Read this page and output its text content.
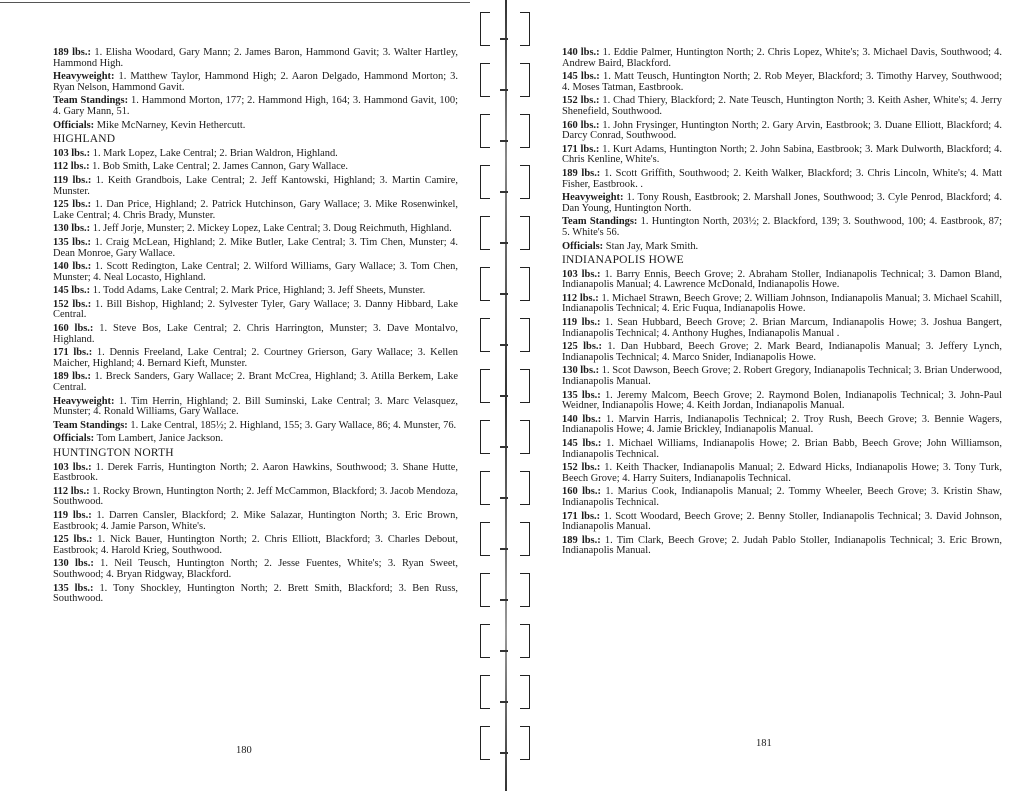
189 lbs.: 1. Elisha Woodard, Gary Mann; 2. James Baron, Hammond Gavit; 3. Walter Hartley, Hammond High.
Heavyweight: 1. Matthew Taylor, Hammond High; 2. Aaron Delgado, Hammond Morton; 3. Ryan Nelson, Hammond Gavit.
Team Standings: 1. Hammond Morton, 177; 2. Hammond High, 164; 3. Hammond Gavit, 100; 4. Gary Mann, 51.
Officials: Mike McNarney, Kevin Hethercutt.
HIGHLAND
103 lbs.: 1. Mark Lopez, Lake Central; 2. Brian Waldron, Highland.
112 lbs.: 1. Bob Smith, Lake Central; 2. James Cannon, Gary Wallace.
119 lbs.: 1. Keith Grandbois, Lake Central; 2. Jeff Kantowski, Highland; 3. Martin Camire, Munster.
125 lbs.: 1. Dan Price, Highland; 2. Patrick Hutchinson, Gary Wallace; 3. Mike Rosenwinkel, Lake Central; 4. Chris Brady, Munster.
130 lbs.: 1. Jeff Jorje, Munster; 2. Mickey Lopez, Lake Central; 3. Doug Reichmuth, Highland.
135 lbs.: 1. Craig McLean, Highland; 2. Mike Butler, Lake Central; 3. Tim Chen, Munster; 4. Dean Monroe, Gary Wallace.
140 lbs.: 1. Scott Redington, Lake Central; 2. Wilford Williams, Gary Wallace; 3. Tom Chen, Munster; 4. Neal Locasto, Highland.
145 lbs.: 1. Todd Adams, Lake Central; 2. Mark Price, Highland; 3. Jeff Sheets, Munster.
152 lbs.: 1. Bill Bishop, Highland; 2. Sylvester Tyler, Gary Wallace; 3. Danny Hibbard, Lake Central.
160 lbs.: 1. Steve Bos, Lake Central; 2. Chris Harrington, Munster; 3. Dave Montalvo, Highland.
171 lbs.: 1. Dennis Freeland, Lake Central; 2. Courtney Grierson, Gary Wallace; 3. Kellen Maicher, Highland; 4. Bernard Kieft, Munster.
189 lbs.: 1. Breck Sanders, Gary Wallace; 2. Brant McCrea, Highland; 3. Atilla Berkem, Lake Central.
Heavyweight: 1. Tim Herrin, Highland; 2. Bill Suminski, Lake Central; 3. Marc Velasquez, Munster; 4. Ronald Williams, Gary Wallace.
Team Standings: 1. Lake Central, 185½; 2. Highland, 155; 3. Gary Wallace, 86; 4. Munster, 76.
Officials: Tom Lambert, Janice Jackson.
HUNTINGTON NORTH
103 lbs.: 1. Derek Farris, Huntington North; 2. Aaron Hawkins, Southwood; 3. Shane Hutte, Eastbrook.
112 lbs.: 1. Rocky Brown, Huntington North; 2. Jeff McCammon, Blackford; 3. Jacob Mendoza, Southwood.
119 lbs.: 1. Darren Cansler, Blackford; 2. Mike Salazar, Huntington North; 3. Eric Brown, Eastbrook; 4. Jamie Parson, White's.
125 lbs.: 1. Nick Bauer, Huntington North; 2. Chris Elliott, Blackford; 3. Charles Debout, Eastbrook; 4. Harold Krieg, Southwood.
130 lbs.: 1. Neil Teusch, Huntington North; 2. Jesse Fuentes, White's; 3. Ryan Sweet, Southwood; 4. Bryan Ridgway, Blackford.
135 lbs.: 1. Tony Shockley, Huntington North; 2. Brett Smith, Blackford; 3. Ben Russ, Southwood.
180
140 lbs.: 1. Eddie Palmer, Huntington North; 2. Chris Lopez, White's; 3. Michael Davis, Southwood; 4. Andrew Baird, Blackford.
145 lbs.: 1. Matt Teusch, Huntington North; 2. Rob Meyer, Blackford; 3. Timothy Harvey, Southwood; 4. Moses Tatman, Eastbrook.
152 lbs.: 1. Chad Thiery, Blackford; 2. Nate Teusch, Huntington North; 3. Keith Asher, White's; 4. Jerry Shenefield, Southwood.
160 lbs.: 1. John Frysinger, Huntington North; 2. Gary Arvin, Eastbrook; 3. Duane Elliott, Blackford; 4. Darcy Conrad, Southwood.
171 lbs.: 1. Kurt Adams, Huntington North; 2. John Sabina, Eastbrook; 3. Mark Dulworth, Blackford; 4. Chris Kenline, White's.
189 lbs.: 1. Scott Griffith, Southwood; 2. Keith Walker, Blackford; 3. Chris Lincoln, White's; 4. Matt Fisher, Eastbrook. .
Heavyweight: 1. Tony Roush, Eastbrook; 2. Marshall Jones, Southwood; 3. Cyle Penrod, Blackford; 4. Dan Young, Huntington North.
Team Standings: 1. Huntington North, 203½; 2. Blackford, 139; 3. Southwood, 100; 4. Eastbrook, 87; 5. White's 56.
Officials: Stan Jay, Mark Smith.
INDIANAPOLIS HOWE
103 lbs.: 1. Barry Ennis, Beech Grove; 2. Abraham Stoller, Indianapolis Technical; 3. Damon Bland, Indianapolis Manual; 4. Lawrence McDonald, Indianapolis Howe.
112 lbs.: 1. Michael Strawn, Beech Grove; 2. William Johnson, Indianapolis Manual; 3. Michael Scahill, Indianapolis Technical; 4. Eric Fuqua, Indianapolis Howe.
119 lbs.: 1. Sean Hubbard, Beech Grove; 2. Brian Marcum, Indianapolis Howe; 3. Joshua Bangert, Indianapolis Technical; 4. Anthony Hughes, Indianapolis Manual .
125 lbs.: 1. Dan Hubbard, Beech Grove; 2. Mark Beard, Indianapolis Manual; 3. Jeffery Lynch, Indianapolis Technical; 4. Marco Snider, Indianapolis Howe.
130 lbs.: 1. Scot Dawson, Beech Grove; 2. Robert Gregory, Indianapolis Technical; 3. Brian Underwood, Indianapolis Manual.
135 lbs.: 1. Jeremy Malcom, Beech Grove; 2. Raymond Bolen, Indianapolis Technical; 3. John-Paul Weidner, Indianapolis Howe; 4. Keith Jordan, Indianapolis Manual.
140 lbs.: 1. Marvin Harris, Indianapolis Technical; 2. Troy Rush, Beech Grove; 3. Bennie Wagers, Indianapolis Howe; 4. Jamie Brickley, Indianapolis Manual.
145 lbs.: 1. Michael Williams, Indianapolis Howe; 2. Brian Babb, Beech Grove; John Williamson, Indianapolis Technical.
152 lbs.: 1. Keith Thacker, Indianapolis Manual; 2. Edward Hicks, Indianapolis Howe; 3. Tony Turk, Beech Grove; 4. Harry Suiters, Indianapolis Technical.
160 lbs.: 1. Marius Cook, Indianapolis Manual; 2. Tommy Wheeler, Beech Grove; 3. Kristin Shaw, Indianapolis Technical.
171 lbs.: 1. Scott Woodard, Beech Grove; 2. Benny Stoller, Indianapolis Technical; 3. David Johnson, Indianapolis Manual.
189 lbs.: 1. Tim Clark, Beech Grove; 2. Judah Pablo Stoller, Indianapolis Technical; 3. Eric Brown, Indianapolis Manual.
181
